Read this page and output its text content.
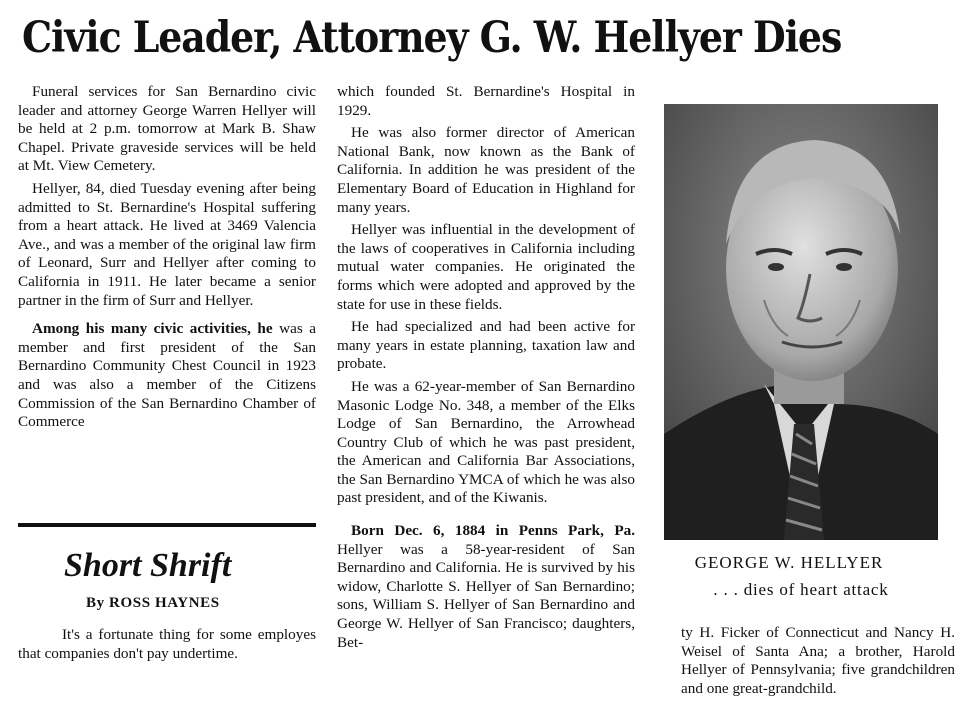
Civic Leader, Attorney G. W. Hellyer Dies

Funeral services for San Bernardino civic leader and attorney George Warren Hellyer will be held at 2 p.m. tomorrow at Mark B. Shaw Chapel. Private graveside services will be held at Mt. View Cemetery.

Hellyer, 84, died Tuesday evening after being admitted to St. Bernardine's Hospital suffering from a heart attack. He lived at 3469 Valencia Ave., and was a member of the original law firm of Leonard, Surr and Hellyer after coming to California in 1911. He later became a senior partner in the firm of Surr and Hellyer.

Among his many civic activities, he was a member and first president of the San Bernardino Community Chest Council in 1923 and was also a member of the Citizens Commission of the San Bernardino Chamber of Commerce

Short Shrift
By ROSS HAYNES

It's a fortunate thing for some employes that companies don't pay undertime.

which founded St. Bernardine's Hospital in 1929.

He was also former director of American National Bank, now known as the Bank of California. In addition he was president of the Elementary Board of Education in Highland for many years.

Hellyer was influential in the development of the laws of cooperatives in California including mutual water companies. He originated the forms which were adopted and approved by the state for use in these fields.

He had specialized and had been active for many years in estate planning, taxation law and probate.

He was a 62-year-member of San Bernardino Masonic Lodge No. 348, a member of the Elks Lodge of San Bernardino, the Arrowhead Country Club of which he was past president, the American and California Bar Associations, the San Bernardino YMCA of which he was also past president, and of the Kiwanis.

Born Dec. 6, 1884 in Penns Park, Pa. Hellyer was a 58-year-resident of San Bernardino and California. He is survived by his widow, Charlotte S. Hellyer of San Bernardino; sons, William S. Hellyer of San Bernardino and George W. Hellyer of San Francisco; daughters, Bet-

GEORGE W. HELLYER
. . . dies of heart attack

ty H. Ficker of Connecticut and Nancy H. Weisel of Santa Ana; a brother, Harold Hellyer of Pennsylvania; five grandchildren and one great-grandchild.
